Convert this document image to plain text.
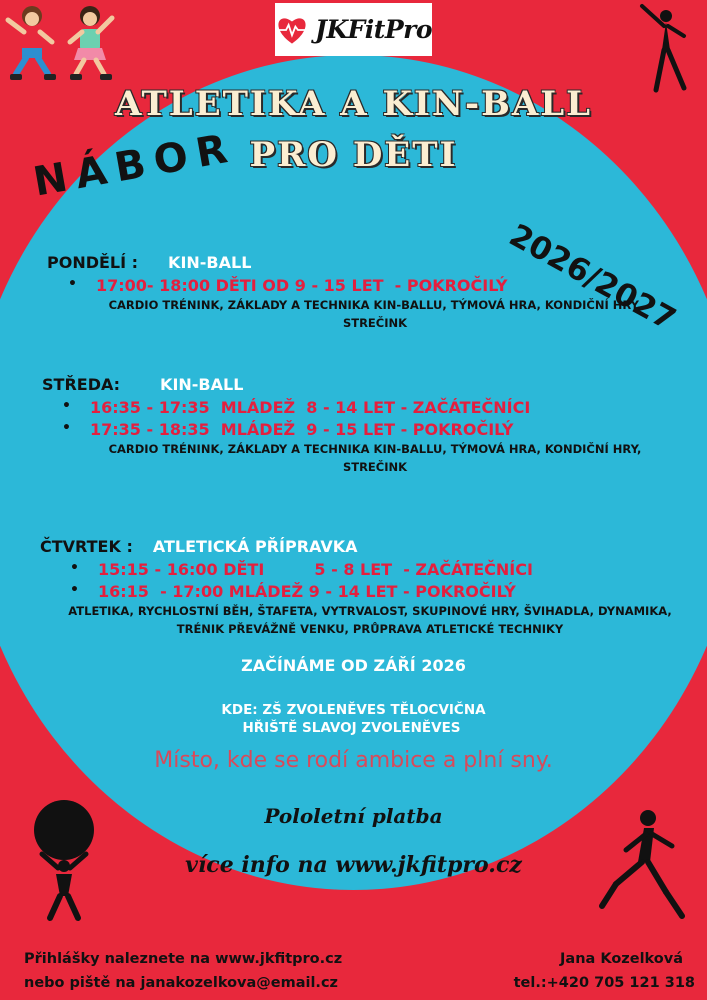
JKFitPro
ATLETIKA A KIN-BALL
PRO DĚTI
NÁBOR
2026/2027
PONDĚLÍ : KIN-BALL
• 17:00- 18:00 DĚTI OD 9 - 15 LET  - POKROČILÝ
CARDIO TRÉNINK, ZÁKLADY A TECHNIKA KIN-BALLU, TÝMOVÁ HRA, KONDIČNÍ HRY,
STREČINK
STŘEDA:	KIN-BALL
• 16:35 - 17:35  MLÁDEŽ  8 - 14 LET - ZAČÁTEČNÍCI
• 17:35 - 18:35  MLÁDEŽ  9 - 15 LET - POKROČILÝ
CARDIO TRÉNINK, ZÁKLADY A TECHNIKA KIN-BALLU, TÝMOVÁ HRA, KONDIČNÍ HRY,
STREČINK
ČTVRTEK : ATLETICKÁ PŘÍPRAVKA
• 15:15 - 16:00 DĚTI         5 - 8 LET  - ZAČÁTEČNÍCI
• 16:15  - 17:00 MLÁDEŽ 9 - 14 LET - POKROČILÝ
ATLETIKA, RYCHLOSTNÍ BĚH, ŠTAFETA, VYTRVALOST, SKUPINOVÉ HRY, ŠVIHADLA, DYNAMIKA,
TRÉNIK PŘEVÁŽNĚ VENKU, PRŮPRAVA ATLETICKÉ TECHNIKY
ZAČÍNÁME OD ZÁŘÍ 2026
KDE: ZŠ ZVOLENĚVES TĚLOCVIČNA
HŘIŠTĚ SLAVOJ ZVOLENĚVES
Místo, kde se rodí ambice a plní sny.
Pololetní platba
více info na www.jkfitpro.cz
Přihlášky naleznete na www.jkfitpro.cz
nebo piště na janakozelkova@email.cz
Jana Kozelková
tel.:+420 705 121 318
